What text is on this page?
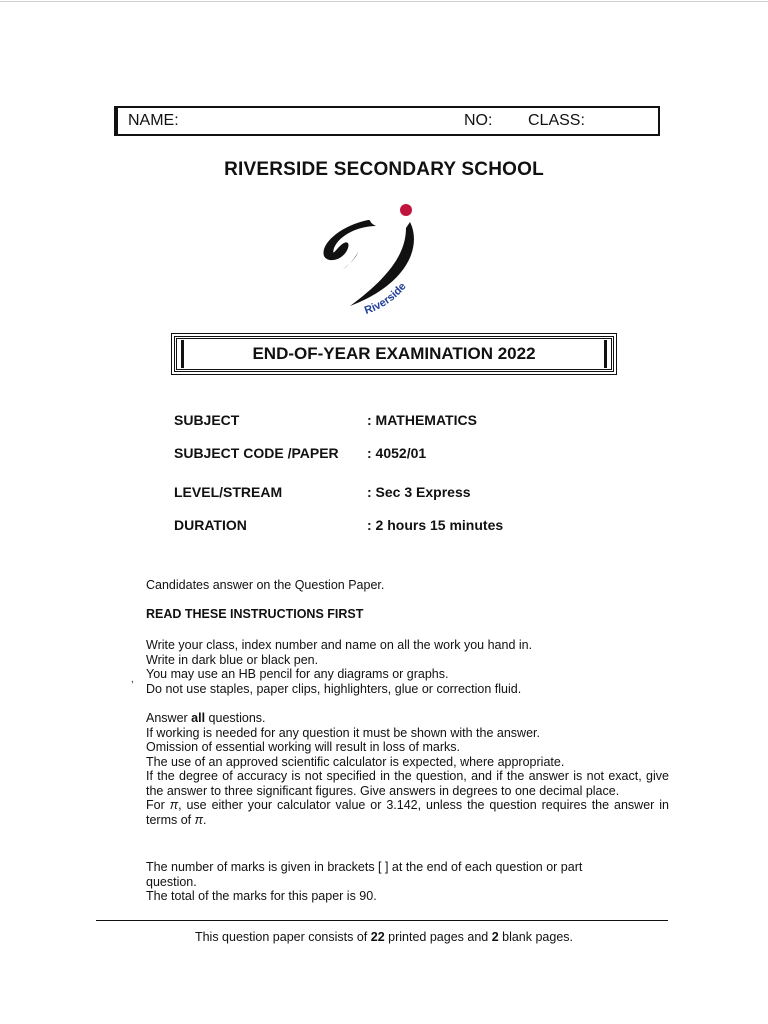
NAME:	NO: CLASS:
RIVERSIDE SECONDARY SCHOOL
Riverside
END-OF-YEAR EXAMINATION 2022
SUBJECT	: MATHEMATICS
SUBJECT CODE /PAPER : 4052/01
LEVEL/STREAM	: Sec 3 Express
DURATION	: 2 hours 15 minutes
Candidates answer on the Question Paper.
READ THESE INSTRUCTIONS FIRST

Write your class, index number and name on all the work you hand in.

Write in dark blue or black pen.

You may use an HB pencil for any diagrams or graphs.

Do not use staples, paper clips, highlighters, glue or correction fluid.

‚

Answer all questions.

If working is needed for any question it must be shown with the answer.

Omission of essential working will result in loss of marks.

The use of an approved scientific calculator is expected, where appropriate.

If the degree of accuracy is not specified in the question, and if the answer is not exact, give the answer to three significant figures. Give answers in degrees to one decimal place.

For π, use either your calculator value or 3.142, unless the question requires the answer in terms of π.

The number of marks is given in brackets [ ] at the end of each question or part question.

The total of the marks for this paper is 90.

This question paper consists of 22 printed pages and 2 blank pages.
